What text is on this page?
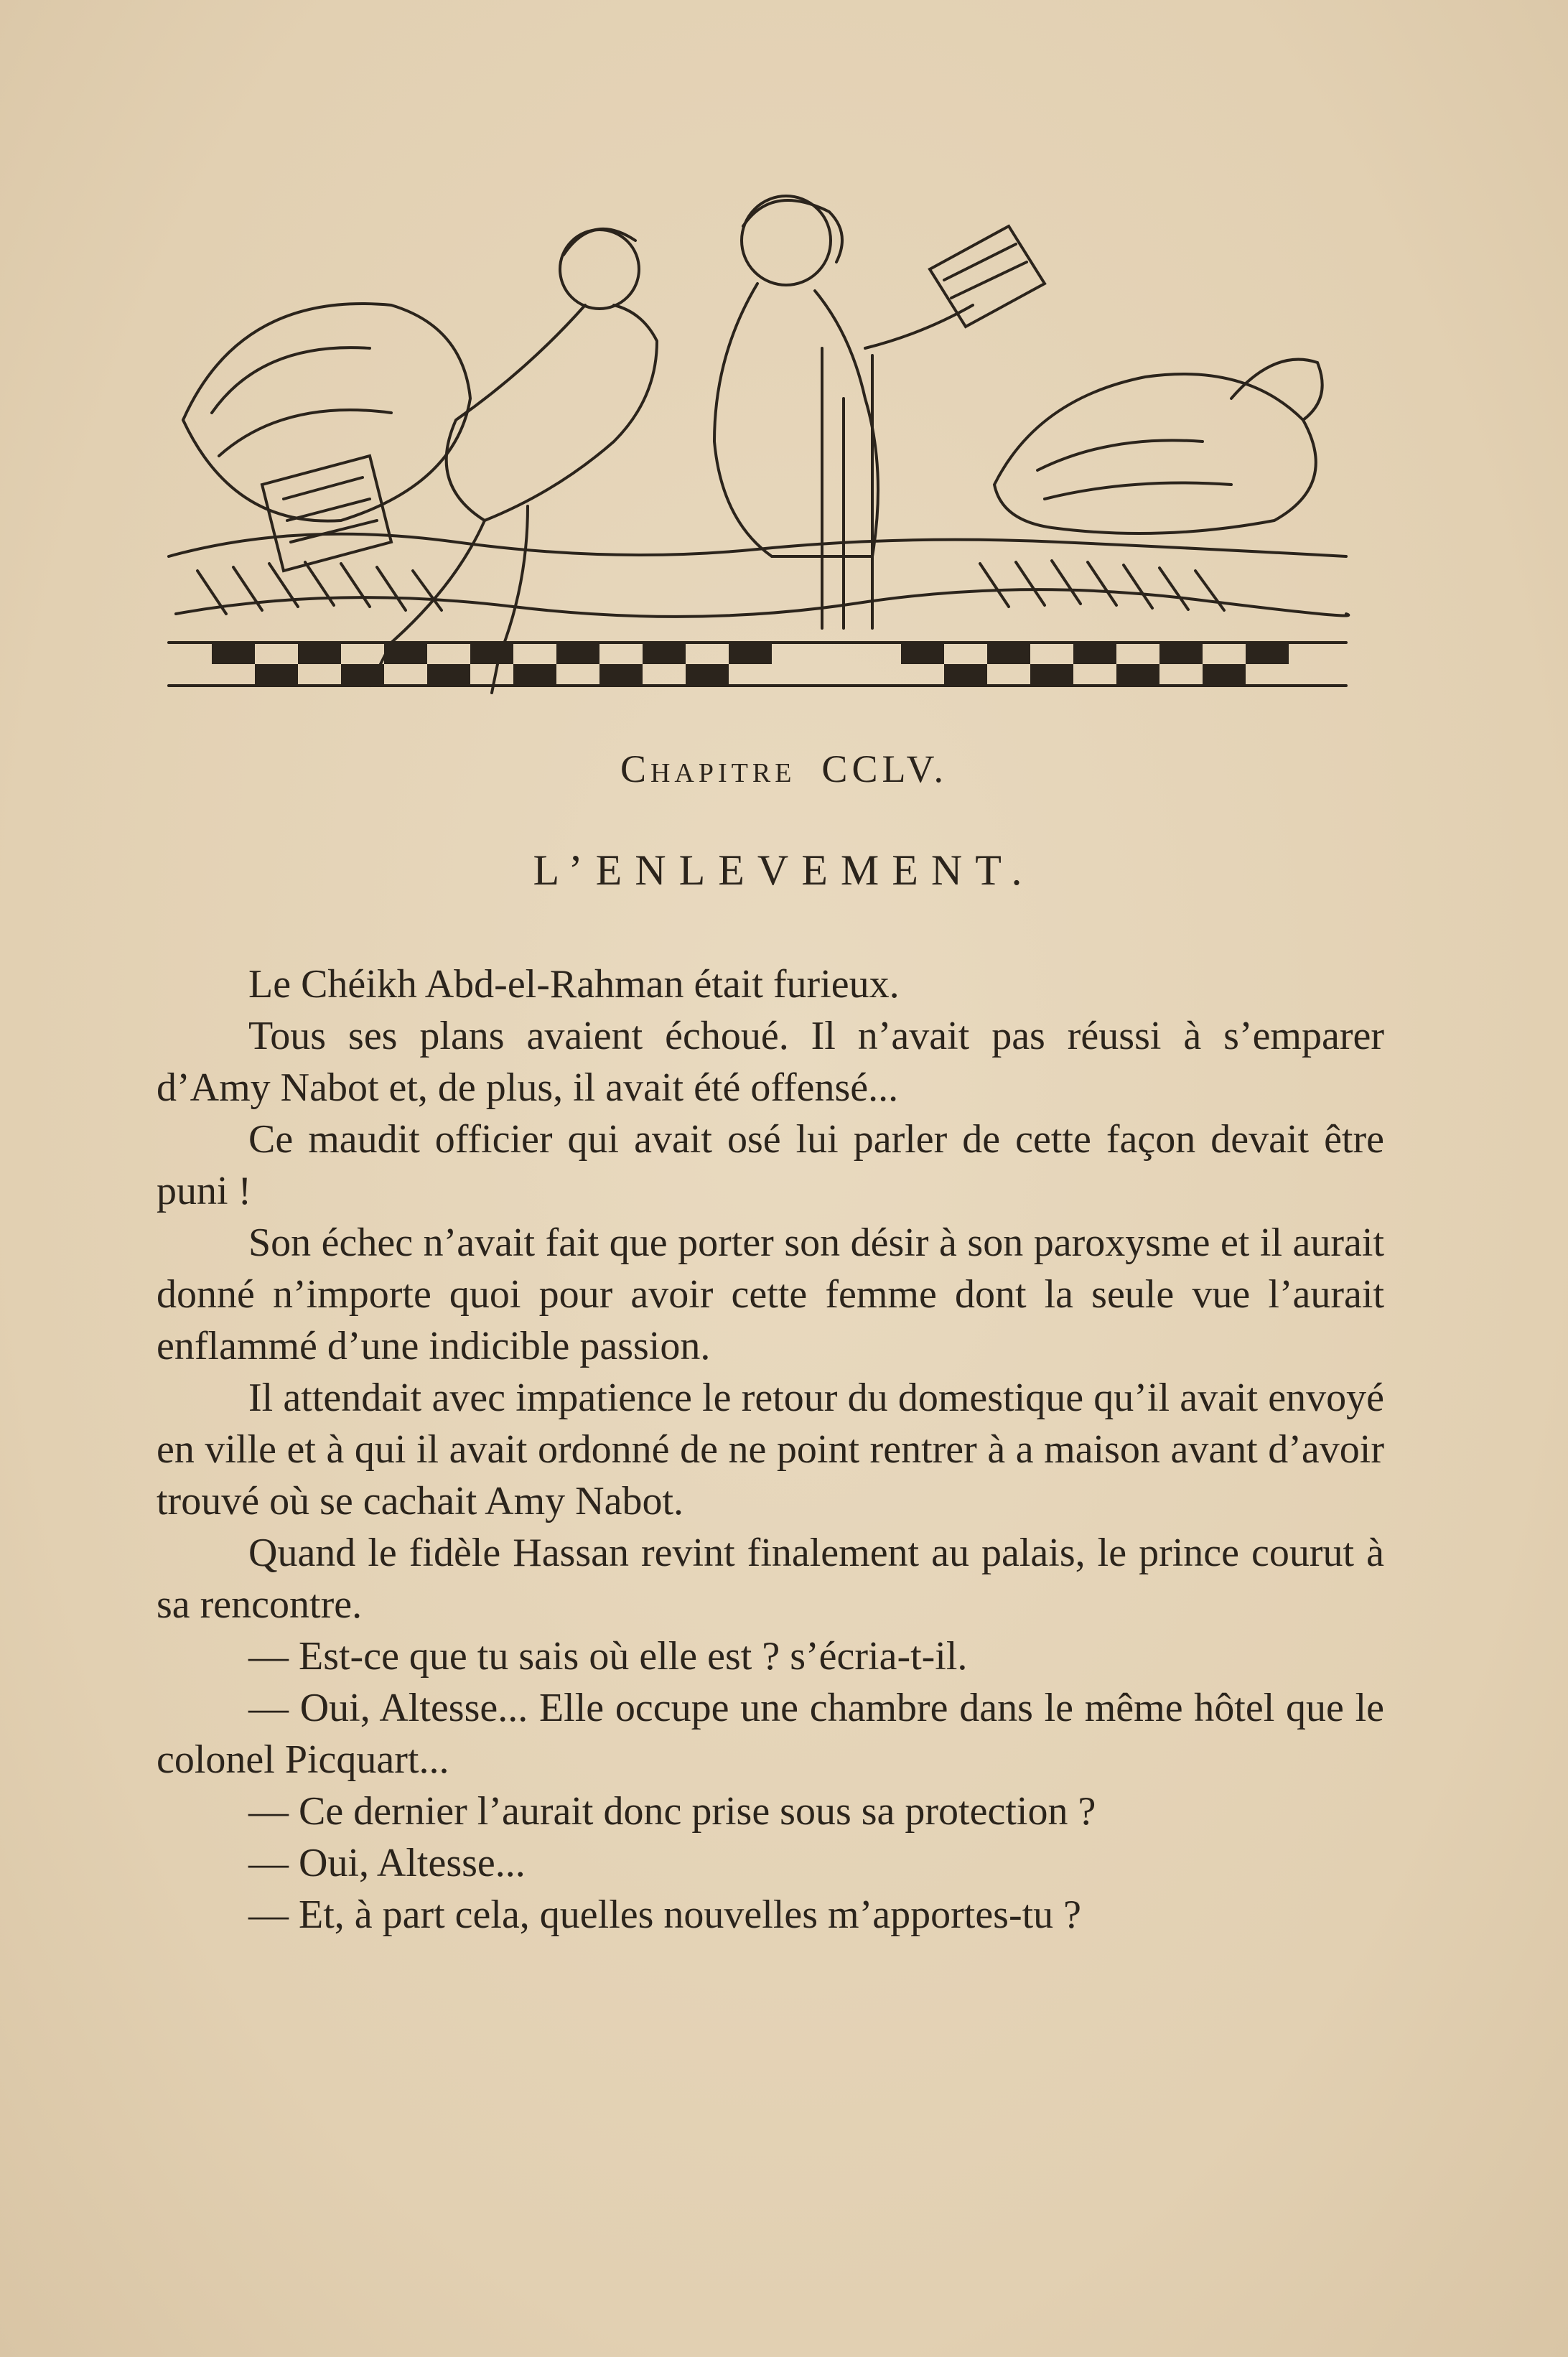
Chapitre CCLV.
L’ENLEVEMENT.

Le Chéikh Abd-el-Rahman était furieux.

Tous ses plans avaient échoué. Il n’avait pas réussi à s’emparer d’Amy Nabot et, de plus, il avait été offensé...

Ce maudit officier qui avait osé lui parler de cette façon devait être puni !

Son échec n’avait fait que porter son désir à son paroxysme et il aurait donné n’importe quoi pour avoir cette femme dont la seule vue l’aurait enflammé d’une indicible passion.

Il attendait avec impatience le retour du domestique qu’il avait envoyé en ville et à qui il avait ordonné de ne point rentrer à a maison avant d’avoir trouvé où se cachait Amy Nabot.

Quand le fidèle Hassan revint finalement au palais, le prince courut à sa rencontre.

— Est-ce que tu sais où elle est ? s’écria-t-il.

— Oui, Altesse... Elle occupe une chambre dans le même hôtel que le colonel Picquart...

— Ce dernier l’aurait donc prise sous sa protection ?

— Oui, Altesse...

— Et, à part cela, quelles nouvelles m’apportes-tu ?
